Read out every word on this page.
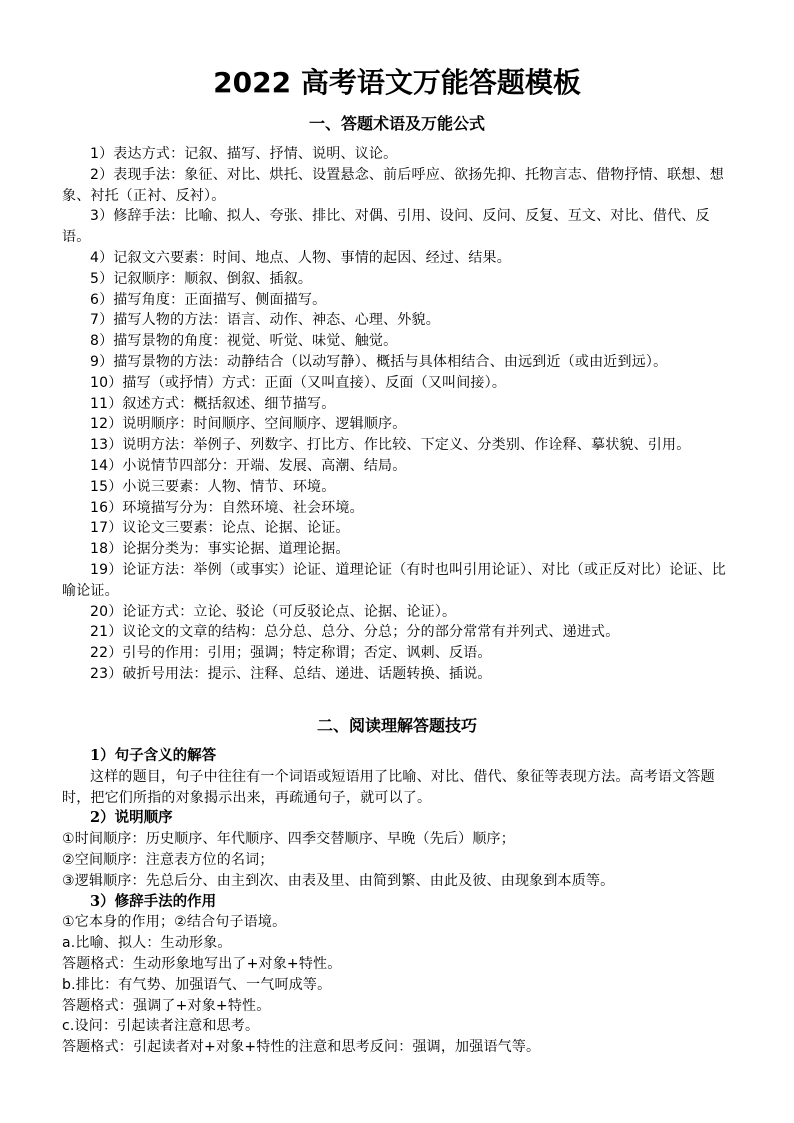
2022 高考语文万能答题模板
一、答题术语及万能公式

1）表达方式：记叙、描写、抒情、说明、议论。

2）表现手法：象征、对比、烘托、设置悬念、前后呼应、欲扬先抑、托物言志、借物抒情、联想、想象、衬托（正衬、反衬）。

3）修辞手法：比喻、拟人、夸张、排比、对偶、引用、设问、反问、反复、互文、对比、借代、反语。

4）记叙文六要素：时间、地点、人物、事情的起因、经过、结果。

5）记叙顺序：顺叙、倒叙、插叙。

6）描写角度：正面描写、侧面描写。

7）描写人物的方法：语言、动作、神态、心理、外貌。

8）描写景物的角度：视觉、听觉、味觉、触觉。

9）描写景物的方法：动静结合（以动写静）、概括与具体相结合、由远到近（或由近到远）。

10）描写（或抒情）方式：正面（又叫直接）、反面（又叫间接）。

11）叙述方式：概括叙述、细节描写。

12）说明顺序：时间顺序、空间顺序、逻辑顺序。

13）说明方法：举例子、列数字、打比方、作比较、下定义、分类别、作诠释、摹状貌、引用。

14）小说情节四部分：开端、发展、高潮、结局。

15）小说三要素：人物、情节、环境。

16）环境描写分为：自然环境、社会环境。

17）议论文三要素：论点、论据、论证。

18）论据分类为：事实论据、道理论据。

19）论证方法：举例（或事实）论证、道理论证（有时也叫引用论证）、对比（或正反对比）论证、比喻论证。

20）论证方式：立论、驳论（可反驳论点、论据、论证）。

21）议论文的文章的结构：总分总、总分、分总；分的部分常常有并列式、递进式。

22）引号的作用：引用；强调；特定称谓；否定、讽刺、反语。

23）破折号用法：提示、注释、总结、递进、话题转换、插说。

二、阅读理解答题技巧

1）句子含义的解答

这样的题目，句子中往往有一个词语或短语用了比喻、对比、借代、象征等表现方法。高考语文答题时，把它们所指的对象揭示出来，再疏通句子，就可以了。

2）说明顺序

①时间顺序：历史顺序、年代顺序、四季交替顺序、早晚（先后）顺序；

②空间顺序：注意表方位的名词；

③逻辑顺序：先总后分、由主到次、由表及里、由简到繁、由此及彼、由现象到本质等。

3）修辞手法的作用

①它本身的作用；②结合句子语境。

a.比喻、拟人：生动形象。

答题格式：生动形象地写出了+对象+特性。

b.排比：有气势、加强语气、一气呵成等。

答题格式：强调了+对象+特性。

c.设问：引起读者注意和思考。

答题格式：引起读者对+对象+特性的注意和思考反问：强调，加强语气等。
